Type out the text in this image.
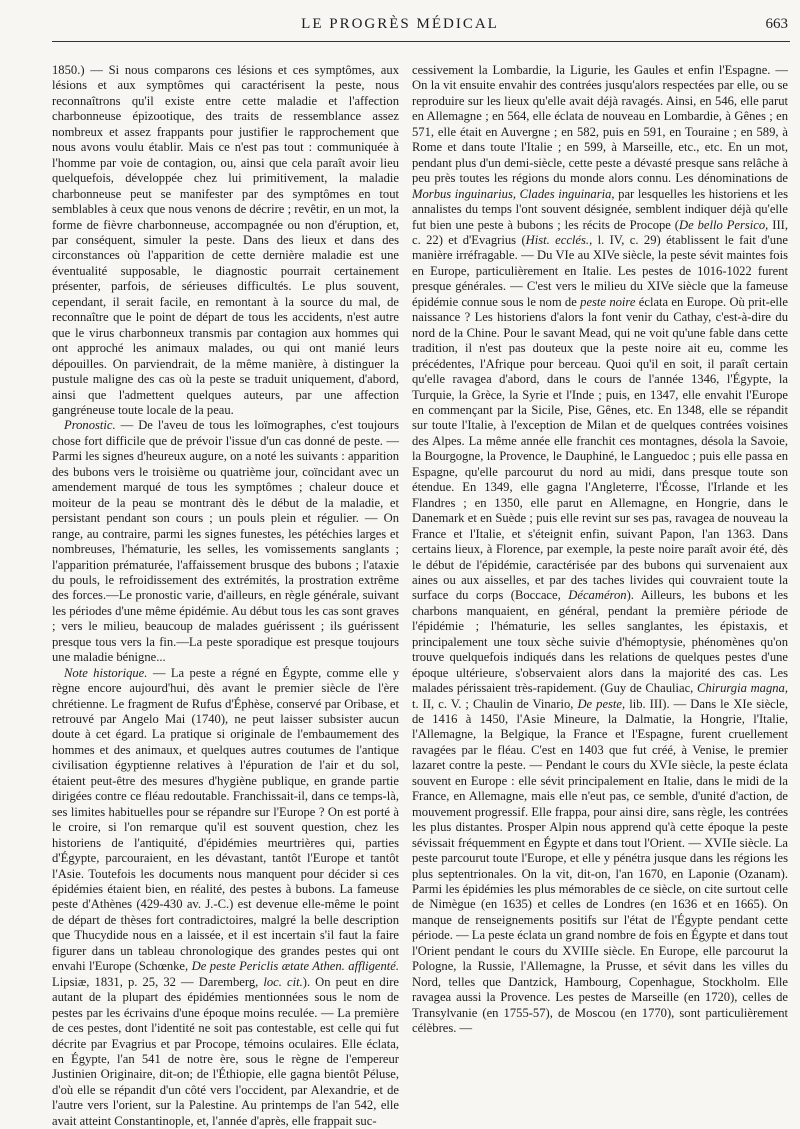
LE PROGRÈS MÉDICAL	663

1850.) — Si nous comparons ces lésions et ces symptômes, aux lésions et aux symptômes qui caractérisent la peste, nous reconnaîtrons qu'il existe entre cette maladie et l'affection charbonneuse épizootique, des traits de ressemblance assez nombreux et assez frappants pour justifier le rapprochement que nous avons voulu établir. Mais ce n'est pas tout : communiquée à l'homme par voie de contagion, ou, ainsi que cela paraît avoir lieu quelquefois, développée chez lui primitivement, la maladie charbonneuse peut se manifester par des symptômes en tout semblables à ceux que nous venons de décrire ; revêtir, en un mot, la forme de fièvre charbonneuse, accompagnée ou non d'éruption, et, par conséquent, simuler la peste. Dans des lieux et dans des circonstances où l'apparition de cette dernière maladie est une éventualité supposable, le diagnostic pourrait certainement présenter, parfois, de sérieuses difficultés. Le plus souvent, cependant, il serait facile, en remontant à la source du mal, de reconnaître que le point de départ de tous les accidents, n'est autre que le virus charbonneux transmis par contagion aux hommes qui ont approché les animaux malades, ou qui ont manié leurs dépouilles. On parviendrait, de la même manière, à distinguer la pustule maligne des cas où la peste se traduit uniquement, d'abord, ainsi que l'admettent quelques auteurs, par une affection gangréneuse toute locale de la peau.

Pronostic. — De l'aveu de tous les loïmographes, c'est toujours chose fort difficile que de prévoir l'issue d'un cas donné de peste. — Parmi les signes d'heureux augure, on a noté les suivants : apparition des bubons vers le troisième ou quatrième jour, coïncidant avec un amendement marqué de tous les symptômes ; chaleur douce et moiteur de la peau se montrant dès le début de la maladie, et persistant pendant son cours ; un pouls plein et régulier. — On range, au contraire, parmi les signes funestes, les pétéchies larges et nombreuses, l'hématurie, les selles, les vomissements sanglants ; l'apparition prématurée, l'affaissement brusque des bubons ; l'ataxie du pouls, le refroidissement des extrémités, la prostration extrême des forces.—Le pronostic varie, d'ailleurs, en règle générale, suivant les périodes d'une même épidémie. Au début tous les cas sont graves ; vers le milieu, beaucoup de malades guérissent ; ils guérissent presque tous vers la fin.—La peste sporadique est presque toujours une maladie bénigne...

Note historique. — La peste a régné en Égypte, comme elle y règne encore aujourd'hui, dès avant le premier siècle de l'ère chrétienne. Le fragment de Rufus d'Éphèse, conservé par Oribase, et retrouvé par Angelo Mai (1740), ne peut laisser subsister aucun doute à cet égard. La pratique si originale de l'embaumement des hommes et des animaux, et quelques autres coutumes de l'antique civilisation égyptienne relatives à l'épuration de l'air et du sol, étaient peut-être des mesures d'hygiène publique, en grande partie dirigées contre ce fléau redoutable. Franchissait-il, dans ce temps-là, ses limites habituelles pour se répandre sur l'Europe ? On est porté à le croire, si l'on remarque qu'il est souvent question, chez les historiens de l'antiquité, d'épidémies meurtrières qui, parties d'Égypte, parcouraient, en les dévastant, tantôt l'Europe et tantôt l'Asie. Toutefois les documents nous manquent pour décider si ces épidémies étaient bien, en réalité, des pestes à bubons. La fameuse peste d'Athènes (429-430 av. J.-C.) est devenue elle-même le point de départ de thèses fort contradictoires, malgré la belle description que Thucydide nous en a laissée, et il est incertain s'il faut la faire figurer dans un tableau chronologique des grandes pestes qui ont envahi l'Europe (Schœnke, De peste Periclis ætate Athen. affligenté. Lipsiæ, 1831, p. 25, 32 — Daremberg, loc. cit.). On peut en dire autant de la plupart des épidémies mentionnées sous le nom de pestes par les écrivains d'une époque moins reculée. — La première de ces pestes, dont l'identité ne soit pas contestable, est celle qui fut décrite par Evagrius et par Procope, témoins oculaires. Elle éclata, en Égypte, l'an 541 de notre ère, sous le règne de l'empereur Justinien Originaire, dit-on; de l'Éthiopie, elle gagna bientôt Péluse, d'où elle se répandit d'un côté vers l'occident, par Alexandrie, et de l'autre vers l'orient, sur la Palestine. Au printemps de l'an 542, elle avait atteint Constantinople, et, l'année d'après, elle frappait suc-

cessivement la Lombardie, la Ligurie, les Gaules et enfin l'Espagne. — On la vit ensuite envahir des contrées jusqu'alors respectées par elle, ou se reproduire sur les lieux qu'elle avait déjà ravagés. Ainsi, en 546, elle parut en Allemagne ; en 564, elle éclata de nouveau en Lombardie, à Gênes ; en 571, elle était en Auvergne ; en 582, puis en 591, en Touraine ; en 589, à Rome et dans toute l'Italie ; en 599, à Marseille, etc., etc. En un mot, pendant plus d'un demi-siècle, cette peste a dévasté presque sans relâche à peu près toutes les régions du monde alors connu. Les dénominations de Morbus inguinarius, Clades inguinaria, par lesquelles les historiens et les annalistes du temps l'ont souvent désignée, semblent indiquer déjà qu'elle fut bien une peste à bubons ; les récits de Procope (De bello Persico, III, c. 22) et d'Evagrius (Hist. ecclés., l. IV, c. 29) établissent le fait d'une manière irréfragable. — Du VIe au XIVe siècle, la peste sévit maintes fois en Europe, particulièrement en Italie. Les pestes de 1016-1022 furent presque générales. — C'est vers le milieu du XIVe siècle que la fameuse épidémie connue sous le nom de peste noire éclata en Europe. Où prit-elle naissance ? Les historiens d'alors la font venir du Cathay, c'est-à-dire du nord de la Chine. Pour le savant Mead, qui ne voit qu'une fable dans cette tradition, il n'est pas douteux que la peste noire ait eu, comme les précédentes, l'Afrique pour berceau. Quoi qu'il en soit, il paraît certain qu'elle ravagea d'abord, dans le cours de l'année 1346, l'Égypte, la Turquie, la Grèce, la Syrie et l'Inde ; puis, en 1347, elle envahit l'Europe en commençant par la Sicile, Pise, Gênes, etc. En 1348, elle se répandit sur toute l'Italie, à l'exception de Milan et de quelques contrées voisines des Alpes. La même année elle franchit ces montagnes, désola la Savoie, la Bourgogne, la Provence, le Dauphiné, le Languedoc ; puis elle passa en Espagne, qu'elle parcourut du nord au midi, dans presque toute son étendue. En 1349, elle gagna l'Angleterre, l'Écosse, l'Irlande et les Flandres ; en 1350, elle parut en Allemagne, en Hongrie, dans le Danemark et en Suède ; puis elle revint sur ses pas, ravagea de nouveau la France et l'Italie, et s'éteignit enfin, suivant Papon, l'an 1363. Dans certains lieux, à Florence, par exemple, la peste noire paraît avoir été, dès le début de l'épidémie, caractérisée par des bubons qui survenaient aux aines ou aux aisselles, et par des taches livides qui couvraient toute la surface du corps (Boccace, Décaméron). Ailleurs, les bubons et les charbons manquaient, en général, pendant la première période de l'épidémie ; l'hématurie, les selles sanglantes, les épistaxis, et principalement une toux sèche suivie d'hémoptysie, phénomènes qu'on trouve quelquefois indiqués dans les relations de quelques pestes d'une époque ultérieure, s'observaient alors dans la majorité des cas. Les malades périssaient très-rapidement. (Guy de Chauliac, Chirurgia magna, t. II, c. V. ; Chaulin de Vinario, De peste, lib. III). — Dans le XIe siècle, de 1416 à 1450, l'Asie Mineure, la Dalmatie, la Hongrie, l'Italie, l'Allemagne, la Belgique, la France et l'Espagne, furent cruellement ravagées par le fléau. C'est en 1403 que fut créé, à Venise, le premier lazaret contre la peste. — Pendant le cours du XVIe siècle, la peste éclata souvent en Europe : elle sévit principalement en Italie, dans le midi de la France, en Allemagne, mais elle n'eut pas, ce semble, d'unité d'action, de mouvement progressif. Elle frappa, pour ainsi dire, sans règle, les contrées les plus distantes. Prosper Alpin nous apprend qu'à cette époque la peste sévissait fréquemment en Égypte et dans tout l'Orient. — XVIIe siècle. La peste parcourut toute l'Europe, et elle y pénétra jusque dans les régions les plus septentrionales. On la vit, dit-on, l'an 1670, en Laponie (Ozanam). Parmi les épidémies les plus mémorables de ce siècle, on cite surtout celle de Nimègue (en 1635) et celles de Londres (en 1636 et en 1665). On manque de renseignements positifs sur l'état de l'Égypte pendant cette période. — La peste éclata un grand nombre de fois en Égypte et dans tout l'Orient pendant le cours du XVIIIe siècle. En Europe, elle parcourut la Pologne, la Russie, l'Allemagne, la Prusse, et sévit dans les villes du Nord, telles que Dantzick, Hambourg, Copenhague, Stockholm. Elle ravagea aussi la Provence. Les pestes de Marseille (en 1720), celles de Transylvanie (en 1755-57), de Moscou (en 1770), sont particulièrement célèbres. —
